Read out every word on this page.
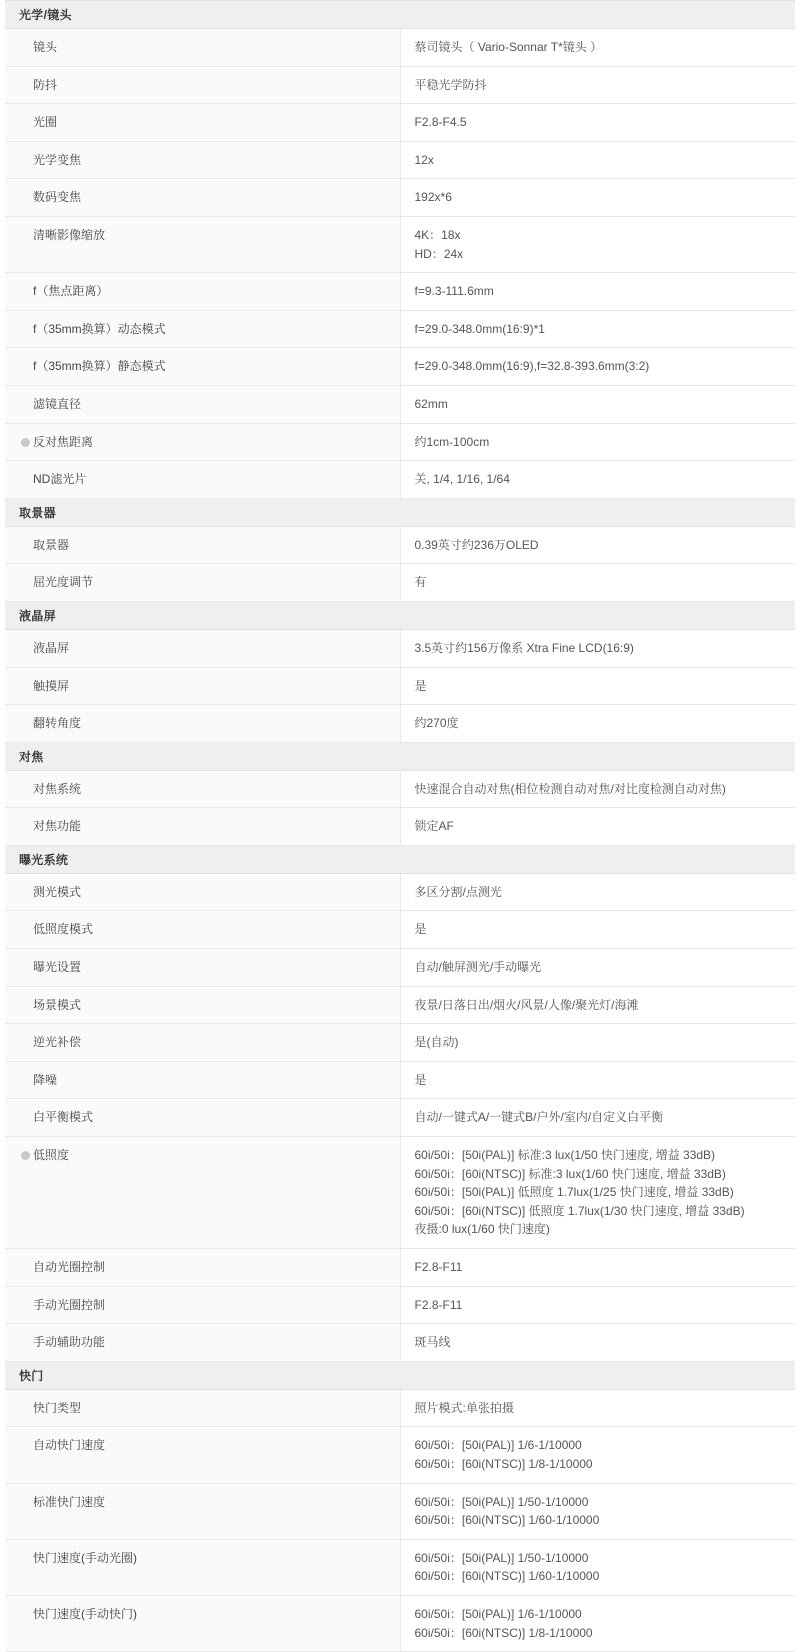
光学/镜头	
镜头	蔡司镜头（ Vario-Sonnar T*镜头 ）

防抖	平稳光学防抖

光圈	F2.8-F4.5

光学变焦	12x

数码变焦	192x*6

清晰影像缩放	4K：18x
HD：24x

f（焦点距离）	f=9.3-111.6mm

f（35mm换算）动态模式	f=29.0-348.0mm(16:9)*1

f（35mm换算）静态模式	f=29.0-348.0mm(16:9),f=32.8-393.6mm(3:2)

滤镜直径	62mm

反对焦距离	约1cm-100cm

ND滤光片	关, 1/4, 1/16, 1/64

取景器	
取景器	0.39英寸约236万OLED

屈光度调节	有

液晶屏	
液晶屏	3.5英寸约156万像系 Xtra Fine LCD(16:9)

触摸屏	是

翻转角度	约270度

对焦	
对焦系统	快速混合自动对焦(相位检测自动对焦/对比度检测自动对焦)

对焦功能	锁定AF

曝光系统	
测光模式	多区分割/点测光

低照度模式	是

曝光设置	自动/触屏测光/手动曝光

场景模式	夜景/日落日出/烟火/风景/人像/聚光灯/海滩

逆光补偿	是(自动)

降噪	是

白平衡模式	自动/一键式A/一键式B/户外/室内/自定义白平衡

低照度	60i/50i：[50i(PAL)] 标准:3 lux(1/50 快门速度, 增益 33dB)
60i/50i：[60i(NTSC)] 标准:3 lux(1/60 快门速度, 增益 33dB)
60i/50i：[50i(PAL)] 低照度 1.7lux(1/25 快门速度, 增益 33dB)
60i/50i：[60i(NTSC)] 低照度 1.7lux(1/30 快门速度, 增益 33dB)
夜摄:0 lux(1/60 快门速度)

自动光圈控制	F2.8-F11

手动光圈控制	F2.8-F11

手动辅助功能	斑马线

快门	
快门类型	照片模式:单张拍摄

自动快门速度	60i/50i：[50i(PAL)] 1/6-1/10000
60i/50i：[60i(NTSC)] 1/8-1/10000

标准快门速度	60i/50i：[50i(PAL)] 1/50-1/10000
60i/50i：[60i(NTSC)] 1/60-1/10000

快门速度(手动光圈)	60i/50i：[50i(PAL)] 1/50-1/10000
60i/50i：[60i(NTSC)] 1/60-1/10000

快门速度(手动快门)	60i/50i：[50i(PAL)] 1/6-1/10000
60i/50i：[60i(NTSC)] 1/8-1/10000
